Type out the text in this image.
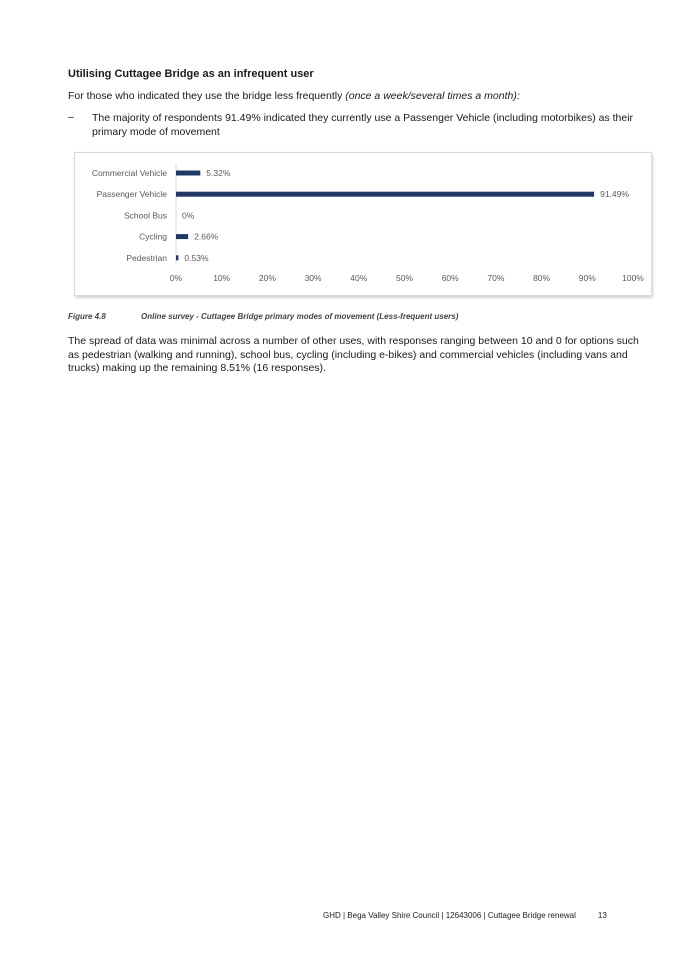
Utilising Cuttagee Bridge as an infrequent user
For those who indicated they use the bridge less frequently (once a week/several times a month):
– The majority of respondents 91.49% indicated they currently use a Passenger Vehicle (including motorbikes) as their primary mode of movement
Commercial Vehicle	5.32%
Passenger Vehicle	91.49%
School Bus 0%
Cycling	2.66%
Pedestrian 0.53%
0%	10%	20%	30%	40%	50%	60%	70%	80%	90%	100%
Figure 4.8	Online survey - Cuttagee Bridge primary modes of movement (Less-frequent users)
The spread of data was minimal across a number of other uses, with responses ranging between 10 and 0 for options such as pedestrian (walking and running), school bus, cycling (including e-bikes) and commercial vehicles (including vans and trucks) making up the remaining 8.51% (16 responses).
GHD | Bega Valley Shire Council | 12643006 | Cuttagee Bridge renewal	13
